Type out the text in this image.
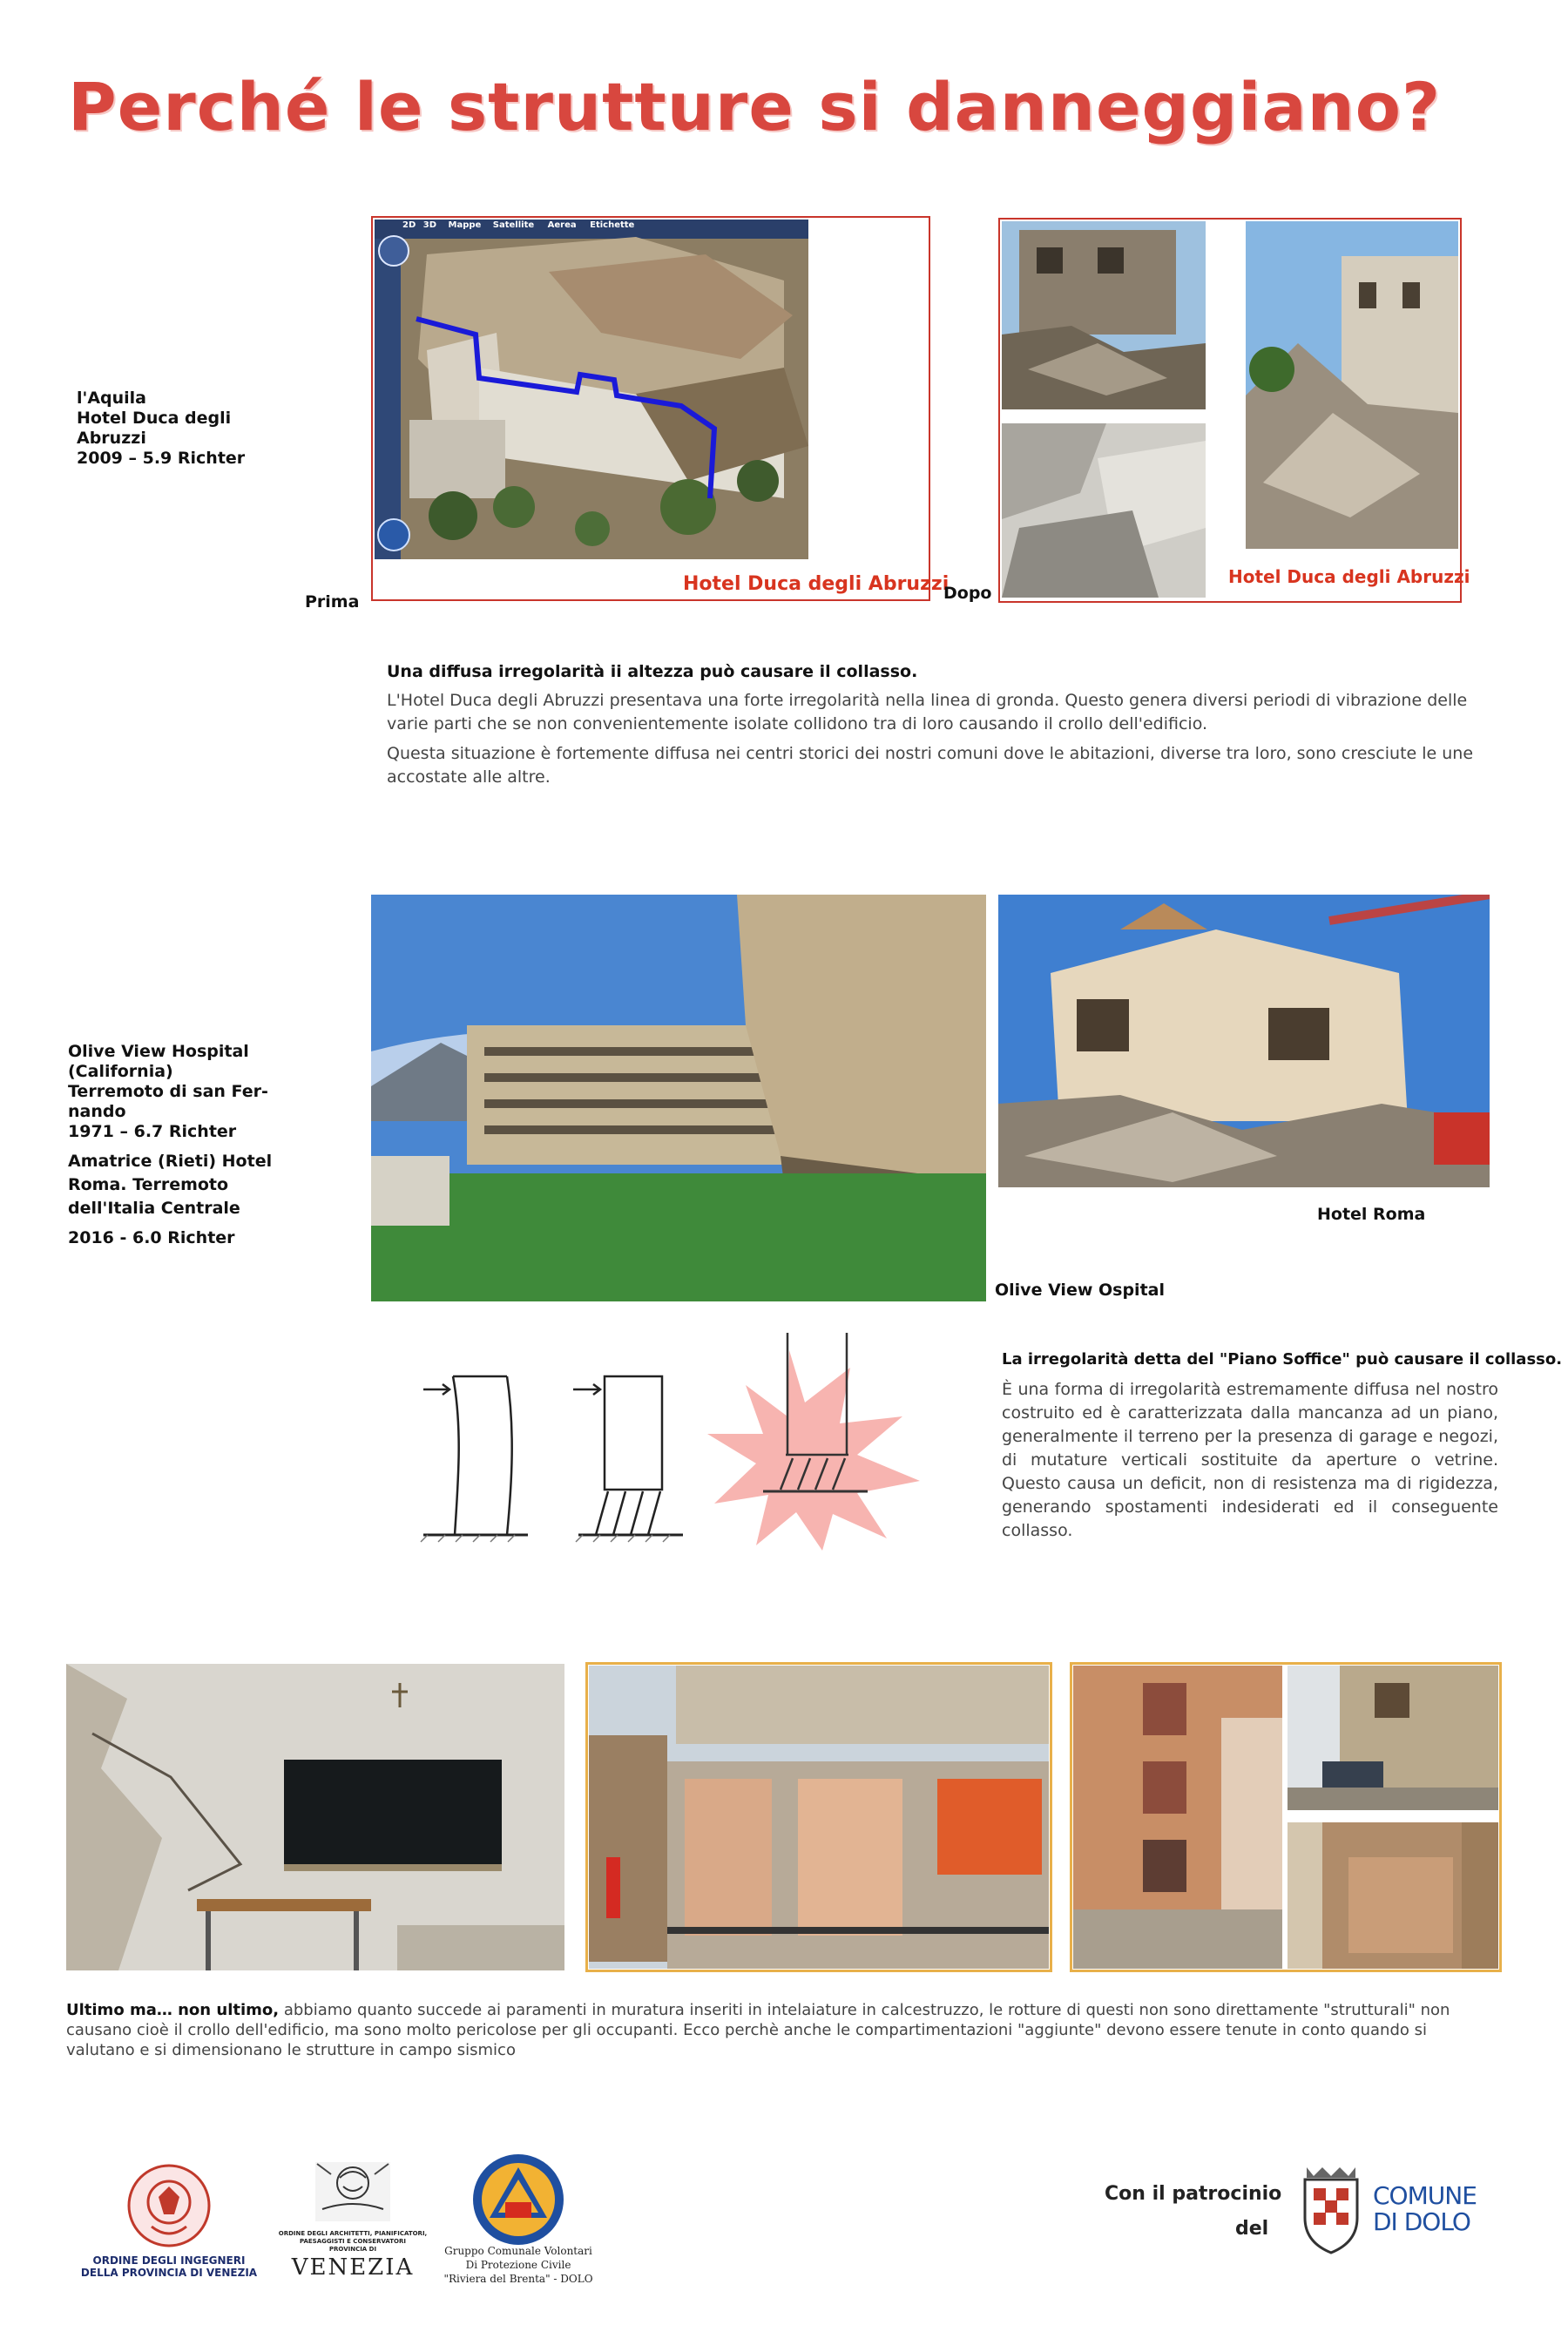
Perché le strutture si danneggiano?
l'Aquila
Hotel Duca degli
Abruzzi
2009 – 5.9 Richter
2D 3D Mappe Satellite Aerea Etichette
Hotel Duca degli Abruzzi
Prima	Dopo
Hotel Duca degli Abruzzi
Una diffusa irregolarità ii altezza può causare il collasso.
L'Hotel Duca degli Abruzzi presentava una forte irregolarità nella linea di gronda. Questo genera diversi periodi di vibrazione delle varie parti che se non convenientemente isolate collidono tra di loro causando il crollo dell'edificio.
Questa situazione è fortemente diffusa nei centri storici dei nostri comuni dove le abitazioni, diverse tra loro, sono cresciute le une accostate alle altre.
Olive View Hospital
(California)
Terremoto di san Fer-
nando
1971 – 6.7 Richter
Amatrice (Rieti) Hotel
Roma. Terremoto
dell'Italia Centrale
2016 - 6.0 Richter
Hotel Roma
Olive View Ospital
La irregolarità detta del "Piano Soffice" può causare il collasso.
È una forma di irregolarità estremamente diffusa nel nostro costruito ed è caratterizzata dalla mancanza ad un piano, generalmente il terreno per la presenza di garage e negozi, di mutature verticali sostituite da aperture o vetrine. Questo causa un deficit, non di resistenza ma di rigidezza, generando spostamenti indesiderati ed il conseguente collasso.
Ultimo ma… non ultimo, abbiamo quanto succede ai paramenti in muratura inseriti in intelaiature in calcestruzzo, le rotture di questi non sono direttamente "strutturali" non causano cioè il crollo dell'edificio, ma sono molto pericolose per gli occupanti. Ecco perchè anche le compartimentazioni "aggiunte" devono essere tenute in conto quando si valutano e si dimensionano le strutture in campo sismico
ORDINE DEGLI INGEGNERI
DELLA PROVINCIA DI VENEZIA
ORDINE DEGLI ARCHITETTI, PIANIFICATORI,
PAESAGGISTI E CONSERVATORI
PROVINCIA DI
VENEZIA
Gruppo Comunale Volontari
Di Protezione Civile
"Riviera del Brenta" - DOLO
Con il patrocinio
del
COMUNE
DI DOLO
